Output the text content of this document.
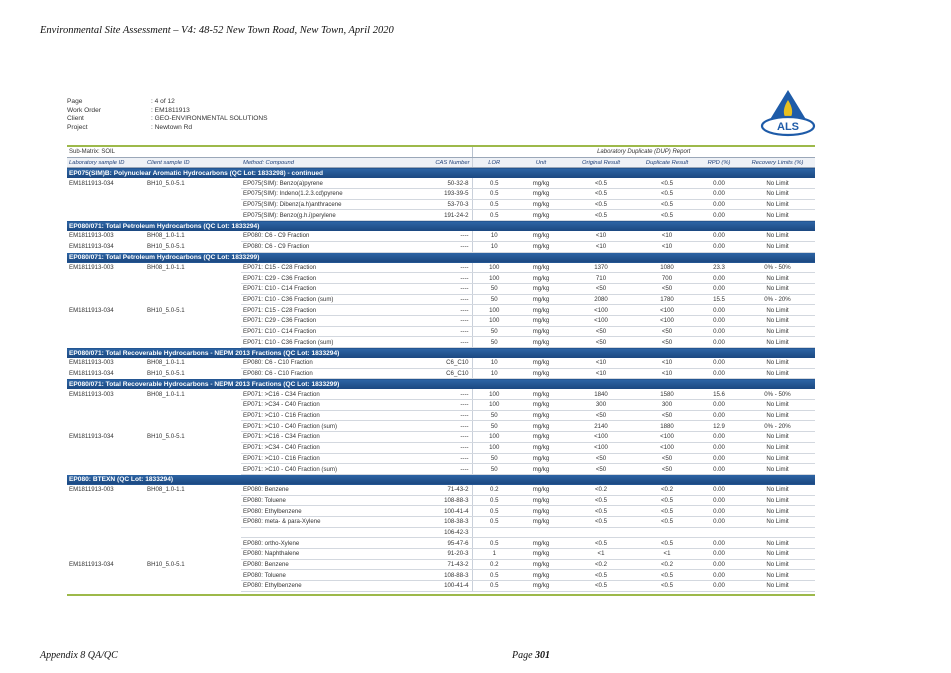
Environmental Site Assessment – V4: 48-52 New Town Road, New Town, April 2020
Page	: 4 of 12
Work Order	: EM1811913
Client	: GEO-ENVIRONMENTAL SOLUTIONS
Project	: Newtown Rd	ALS
Sub-Matrix: SOIL				Laboratory Duplicate (DUP) Report					
Laboratory sample ID	Client sample ID	Method: Compound	CAS Number	LOR	Unit	Original Result	Duplicate Result	RPD (%)	Recovery Limits (%)
EP075(SIM)B: Polynuclear Aromatic Hydrocarbons (QC Lot: 1833298) - continued									
EM1811913-034	BH10_5.0-5.1	EP075(SIM): Benzo(a)pyrene	50-32-8	0.5	mg/kg	<0.5	<0.5	0.00	No Limit
		EP075(SIM): Indeno(1.2.3.cd)pyrene	193-39-5	0.5	mg/kg	<0.5	<0.5	0.00	No Limit
		EP075(SIM): Dibenz(a.h)anthracene	53-70-3	0.5	mg/kg	<0.5	<0.5	0.00	No Limit
		EP075(SIM): Benzo(g.h.i)perylene	191-24-2	0.5	mg/kg	<0.5	<0.5	0.00	No Limit
EP080/071: Total Petroleum Hydrocarbons (QC Lot: 1833294)									
EM1811913-003	BH08_1.0-1.1	EP080: C6 - C9 Fraction	----	10	mg/kg	<10	<10	0.00	No Limit
EM1811913-034	BH10_5.0-5.1	EP080: C6 - C9 Fraction	----	10	mg/kg	<10	<10	0.00	No Limit
EP080/071: Total Petroleum Hydrocarbons (QC Lot: 1833299)									
EM1811913-003	BH08_1.0-1.1	EP071: C15 - C28 Fraction	----	100	mg/kg	1370	1080	23.3	0% - 50%
		EP071: C29 - C36 Fraction	----	100	mg/kg	710	700	0.00	No Limit
		EP071: C10 - C14 Fraction	----	50	mg/kg	<50	<50	0.00	No Limit
		EP071: C10 - C36 Fraction (sum)	----	50	mg/kg	2080	1780	15.5	0% - 20%
EM1811913-034	BH10_5.0-5.1	EP071: C15 - C28 Fraction	----	100	mg/kg	<100	<100	0.00	No Limit
		EP071: C29 - C36 Fraction	----	100	mg/kg	<100	<100	0.00	No Limit
		EP071: C10 - C14 Fraction	----	50	mg/kg	<50	<50	0.00	No Limit
		EP071: C10 - C36 Fraction (sum)	----	50	mg/kg	<50	<50	0.00	No Limit
EP080/071: Total Recoverable Hydrocarbons - NEPM 2013 Fractions (QC Lot: 1833294)									
EM1811913-003	BH08_1.0-1.1	EP080: C6 - C10 Fraction	C6_C10	10	mg/kg	<10	<10	0.00	No Limit
EM1811913-034	BH10_5.0-5.1	EP080: C6 - C10 Fraction	C6_C10	10	mg/kg	<10	<10	0.00	No Limit
EP080/071: Total Recoverable Hydrocarbons - NEPM 2013 Fractions (QC Lot: 1833299)									
EM1811913-003	BH08_1.0-1.1	EP071: >C16 - C34 Fraction	----	100	mg/kg	1840	1580	15.6	0% - 50%
		EP071: >C34 - C40 Fraction	----	100	mg/kg	300	300	0.00	No Limit
		EP071: >C10 - C16 Fraction	----	50	mg/kg	<50	<50	0.00	No Limit
		EP071: >C10 - C40 Fraction (sum)	----	50	mg/kg	2140	1880	12.9	0% - 20%
EM1811913-034	BH10_5.0-5.1	EP071: >C16 - C34 Fraction	----	100	mg/kg	<100	<100	0.00	No Limit
		EP071: >C34 - C40 Fraction	----	100	mg/kg	<100	<100	0.00	No Limit
		EP071: >C10 - C16 Fraction	----	50	mg/kg	<50	<50	0.00	No Limit
		EP071: >C10 - C40 Fraction (sum)	----	50	mg/kg	<50	<50	0.00	No Limit
EP080: BTEXN (QC Lot: 1833294)									
EM1811913-003	BH08_1.0-1.1	EP080: Benzene	71-43-2	0.2	mg/kg	<0.2	<0.2	0.00	No Limit
		EP080: Toluene	108-88-3	0.5	mg/kg	<0.5	<0.5	0.00	No Limit
		EP080: Ethylbenzene	100-41-4	0.5	mg/kg	<0.5	<0.5	0.00	No Limit
		EP080: meta- & para-Xylene	108-38-3	0.5	mg/kg	<0.5	<0.5	0.00	No Limit
			106-42-3						
		EP080: ortho-Xylene	95-47-6	0.5	mg/kg	<0.5	<0.5	0.00	No Limit
		EP080: Naphthalene	91-20-3	1	mg/kg	<1	<1	0.00	No Limit
EM1811913-034	BH10_5.0-5.1	EP080: Benzene	71-43-2	0.2	mg/kg	<0.2	<0.2	0.00	No Limit
		EP080: Toluene	108-88-3	0.5	mg/kg	<0.5	<0.5	0.00	No Limit
		EP080: Ethylbenzene	100-41-4	0.5	mg/kg	<0.5	<0.5	0.00	No Limit
Appendix 8 QA/QC	Page 301
